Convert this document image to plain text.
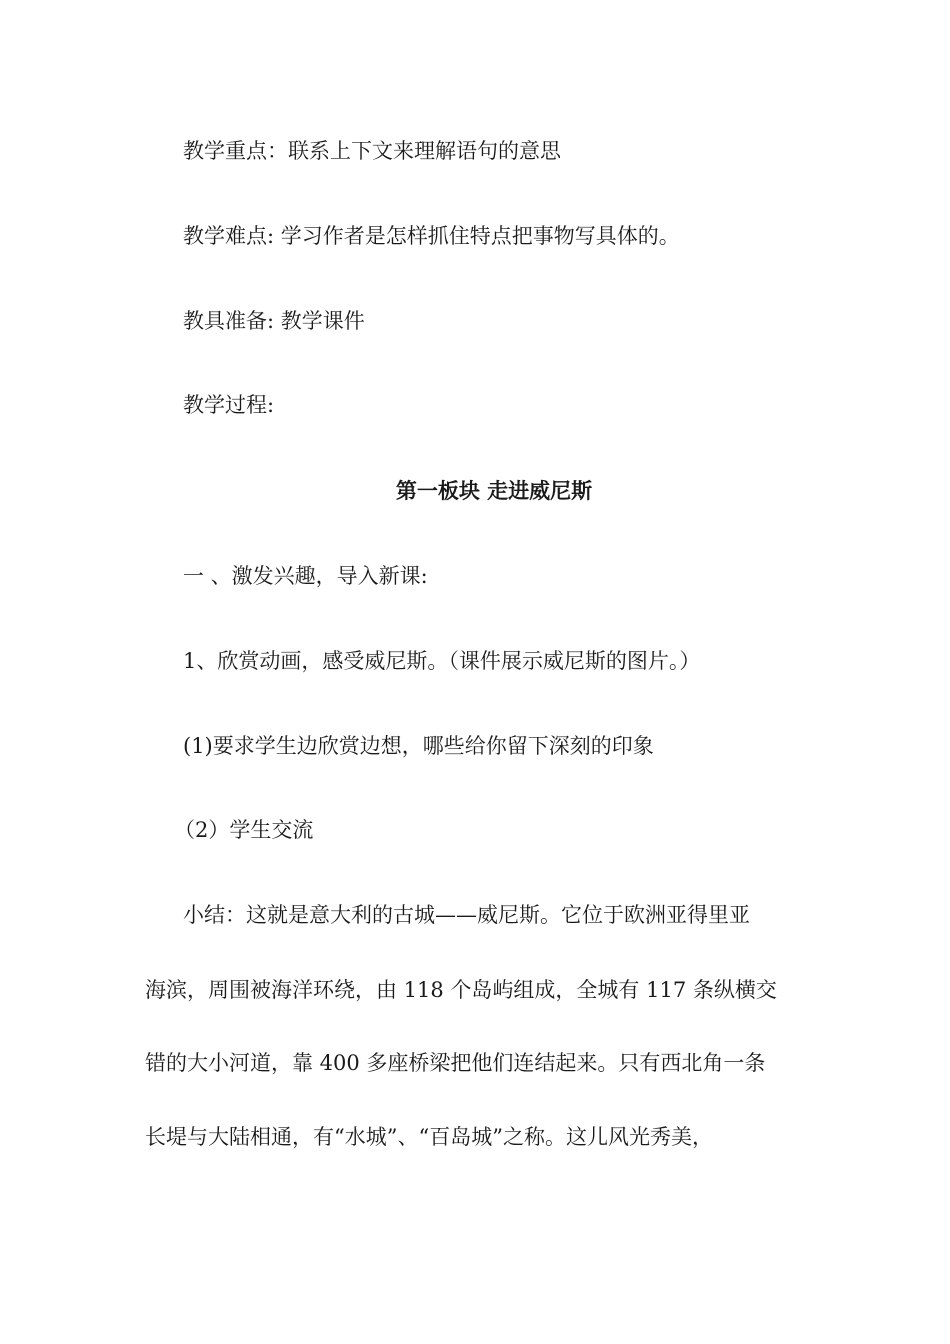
教学重点：联系上下文来理解语句的意思
教学难点: 学习作者是怎样抓住特点把事物写具体的。
教具准备: 教学课件
教学过程:
第一板块 走进威尼斯
一 、激发兴趣，导入新课:
1、欣赏动画，感受威尼斯。（课件展示威尼斯的图片。）
(1)要求学生边欣赏边想，哪些给你留下深刻的印象
（2）学生交流
小结：这就是意大利的古城——威尼斯。它位于欧洲亚得里亚
海滨，周围被海洋环绕，由 118 个岛屿组成，全城有 117 条纵横交
错的大小河道，靠 400 多座桥梁把他们连结起来。只有西北角一条
长堤与大陆相通，有“水城”、“百岛城”之称。这儿风光秀美，
